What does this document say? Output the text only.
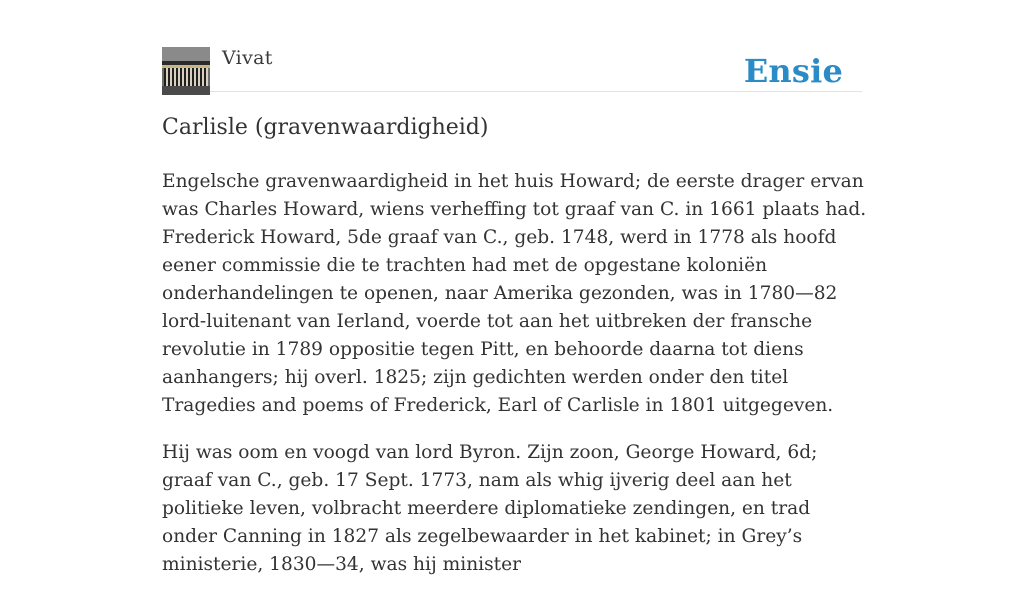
Vivat	Ensie
Carlisle (gravenwaardigheid)

Engelsche gravenwaardigheid in het huis Howard; de eerste drager ervan was Charles Howard, wiens verheffing tot graaf van C. in 1661 plaats had. Frederick Howard, 5de graaf van C., geb. 1748, werd in 1778 als hoofd eener commissie die te trachten had met de opgestane koloniën onderhandelingen te openen, naar Amerika gezonden, was in 1780—82 lord-luitenant van Ierland, voerde tot aan het uitbreken der fransche revolutie in 1789 oppositie tegen Pitt, en behoorde daarna tot diens aanhangers; hij overl. 1825; zijn gedichten werden onder den titel Tragedies and poems of Frederick, Earl of Carlisle in 1801 uitgegeven.

Hij was oom en voogd van lord Byron. Zijn zoon, George Howard, 6d; graaf van C., geb. 17 Sept. 1773, nam als whig ijverig deel aan het politieke leven, volbracht meerdere diplomatieke zendingen, en trad onder Canning in 1827 als zegelbewaarder in het kabinet; in Grey’s ministerie, 1830—34, was hij minister
